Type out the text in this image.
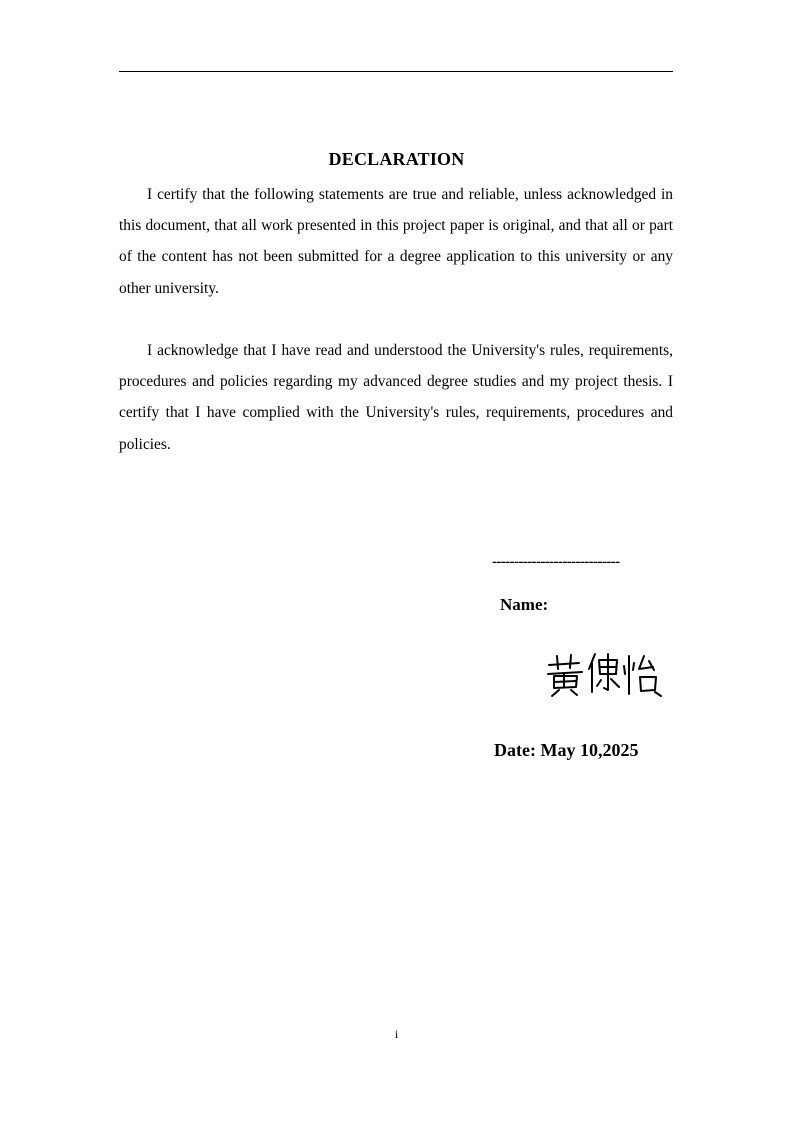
DECLARATION

I certify that the following statements are true and reliable, unless acknowledged in this document, that all work presented in this project paper is original, and that all or part of the content has not been submitted for a degree application to this university or any other university.

I acknowledge that I have read and understood the University's rules, requirements, procedures and policies regarding my advanced degree studies and my project thesis. I certify that I have complied with the University's rules, requirements, procedures and policies.

-----------------------------
Name:
Date: May 10,2025
i
